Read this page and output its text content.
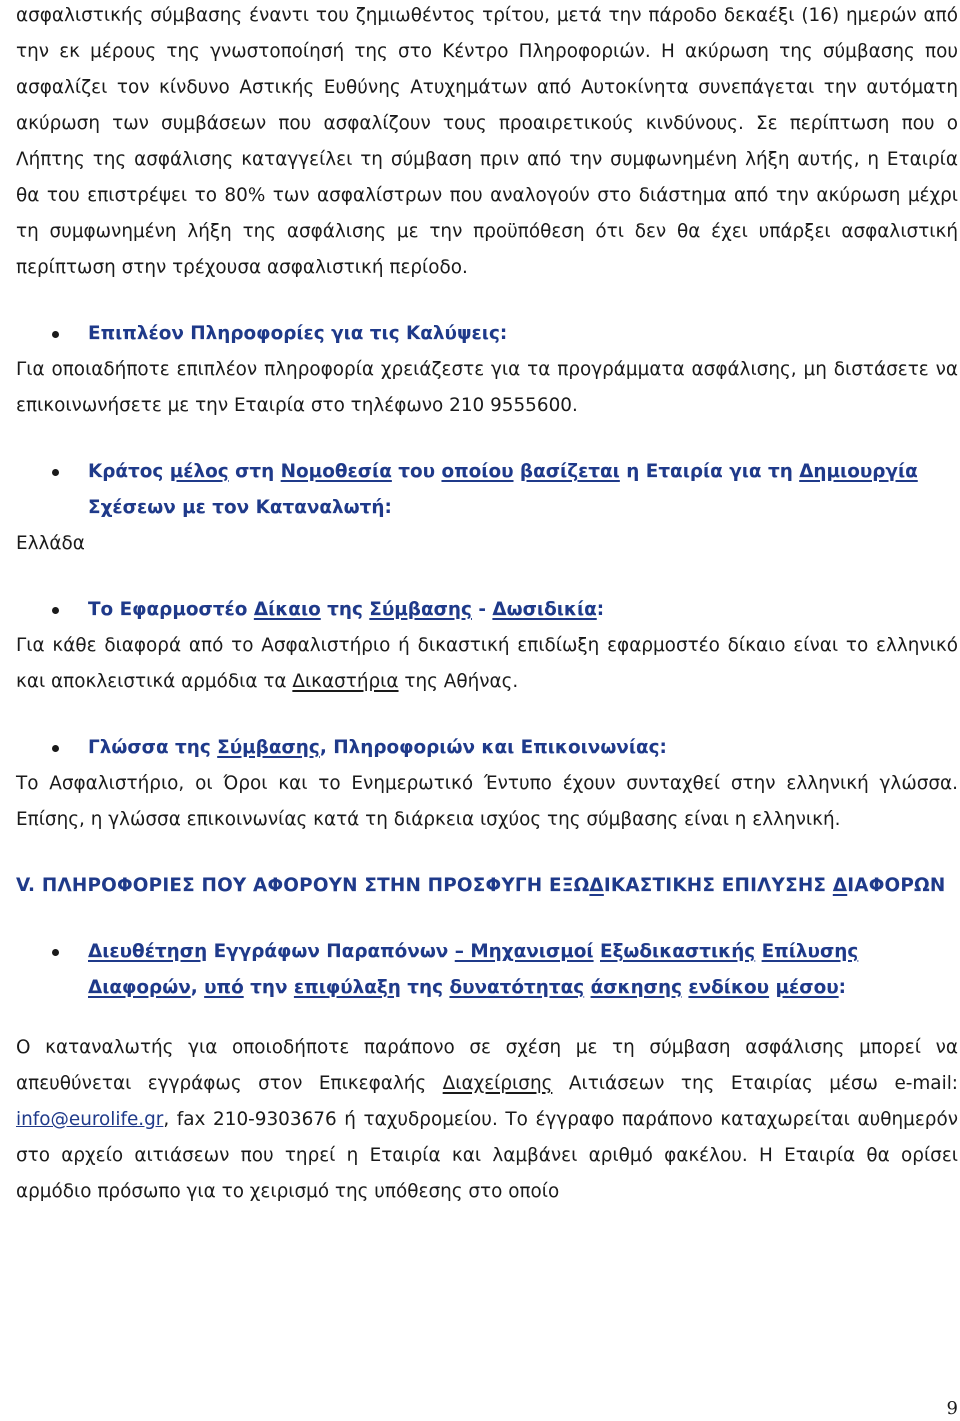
ασφαλιστικής σύμβασης έναντι του ζημιωθέντος τρίτου, μετά την πάροδο δεκαέξι (16) ημερών από την εκ μέρους της γνωστοποίησή της στο Κέντρο Πληροφοριών. Η ακύρωση της σύμβασης που ασφαλίζει τον κίνδυνο Αστικής Ευθύνης Ατυχημάτων από Αυτοκίνητα συνεπάγεται την αυτόματη ακύρωση των συμβάσεων που ασφαλίζουν τους προαιρετικούς κινδύνους. Σε περίπτωση που ο Λήπτης της ασφάλισης καταγγείλει τη σύμβαση πριν από την συμφωνημένη λήξη αυτής, η Εταιρία θα του επιστρέψει το 80% των ασφαλίστρων που αναλογούν στο διάστημα από την ακύρωση μέχρι τη συμφωνημένη λήξη της ασφάλισης με την προϋπόθεση ότι δεν θα έχει υπάρξει ασφαλιστική περίπτωση στην τρέχουσα ασφαλιστική περίοδο.

Επιπλέον Πληροφορίες για τις Καλύψεις:

Για οποιαδήποτε επιπλέον πληροφορία χρειάζεστε για τα προγράμματα ασφάλισης, μη διστάσετε να επικοινωνήσετε με την Εταιρία στο τηλέφωνο 210 9555600.

Κράτος μέλος στη Νομοθεσία του οποίου βασίζεται η Εταιρία για τη Δημιουργία Σχέσεων με τον Καταναλωτή:

Ελλάδα

Το Εφαρμοστέο Δίκαιο της Σύμβασης - Δωσιδικία:

Για κάθε διαφορά από το Ασφαλιστήριο ή δικαστική επιδίωξη εφαρμοστέο δίκαιο είναι το ελληνικό και αποκλειστικά αρμόδια τα Δικαστήρια της Αθήνας.

Γλώσσα της Σύμβασης, Πληροφοριών και Επικοινωνίας:

Το Ασφαλιστήριο, οι Όροι και το Ενημερωτικό Έντυπο έχουν συνταχθεί στην ελληνική γλώσσα. Επίσης, η γλώσσα επικοινωνίας κατά τη διάρκεια ισχύος της σύμβασης είναι η ελληνική.

V. ΠΛΗΡΟΦΟΡΙΕΣ ΠΟΥ ΑΦΟΡΟΥΝ ΣΤΗΝ ΠΡΟΣΦΥΓΗ ΕΞΩΔΙΚΑΣΤΙΚΗΣ ΕΠΙΛΥΣΗΣ ΔΙΑΦΟΡΩΝ
Διευθέτηση Εγγράφων Παραπόνων – Μηχανισμοί Εξωδικαστικής Επίλυσης Διαφορών, υπό την επιφύλαξη της δυνατότητας άσκησης ενδίκου μέσου:

Ο καταναλωτής για οποιοδήποτε παράπονο σε σχέση με τη σύμβαση ασφάλισης μπορεί να απευθύνεται εγγράφως στον Επικεφαλής Διαχείρισης Αιτιάσεων της Εταιρίας μέσω e-mail: info@eurolife.gr, fax 210-9303676 ή ταχυδρομείου. Το έγγραφο παράπονο καταχωρείται αυθημερόν στο αρχείο αιτιάσεων που τηρεί η Εταιρία και λαμβάνει αριθμό φακέλου. Η Εταιρία θα ορίσει αρμόδιο πρόσωπο για το χειρισμό της υπόθεσης στο οποίο

9
